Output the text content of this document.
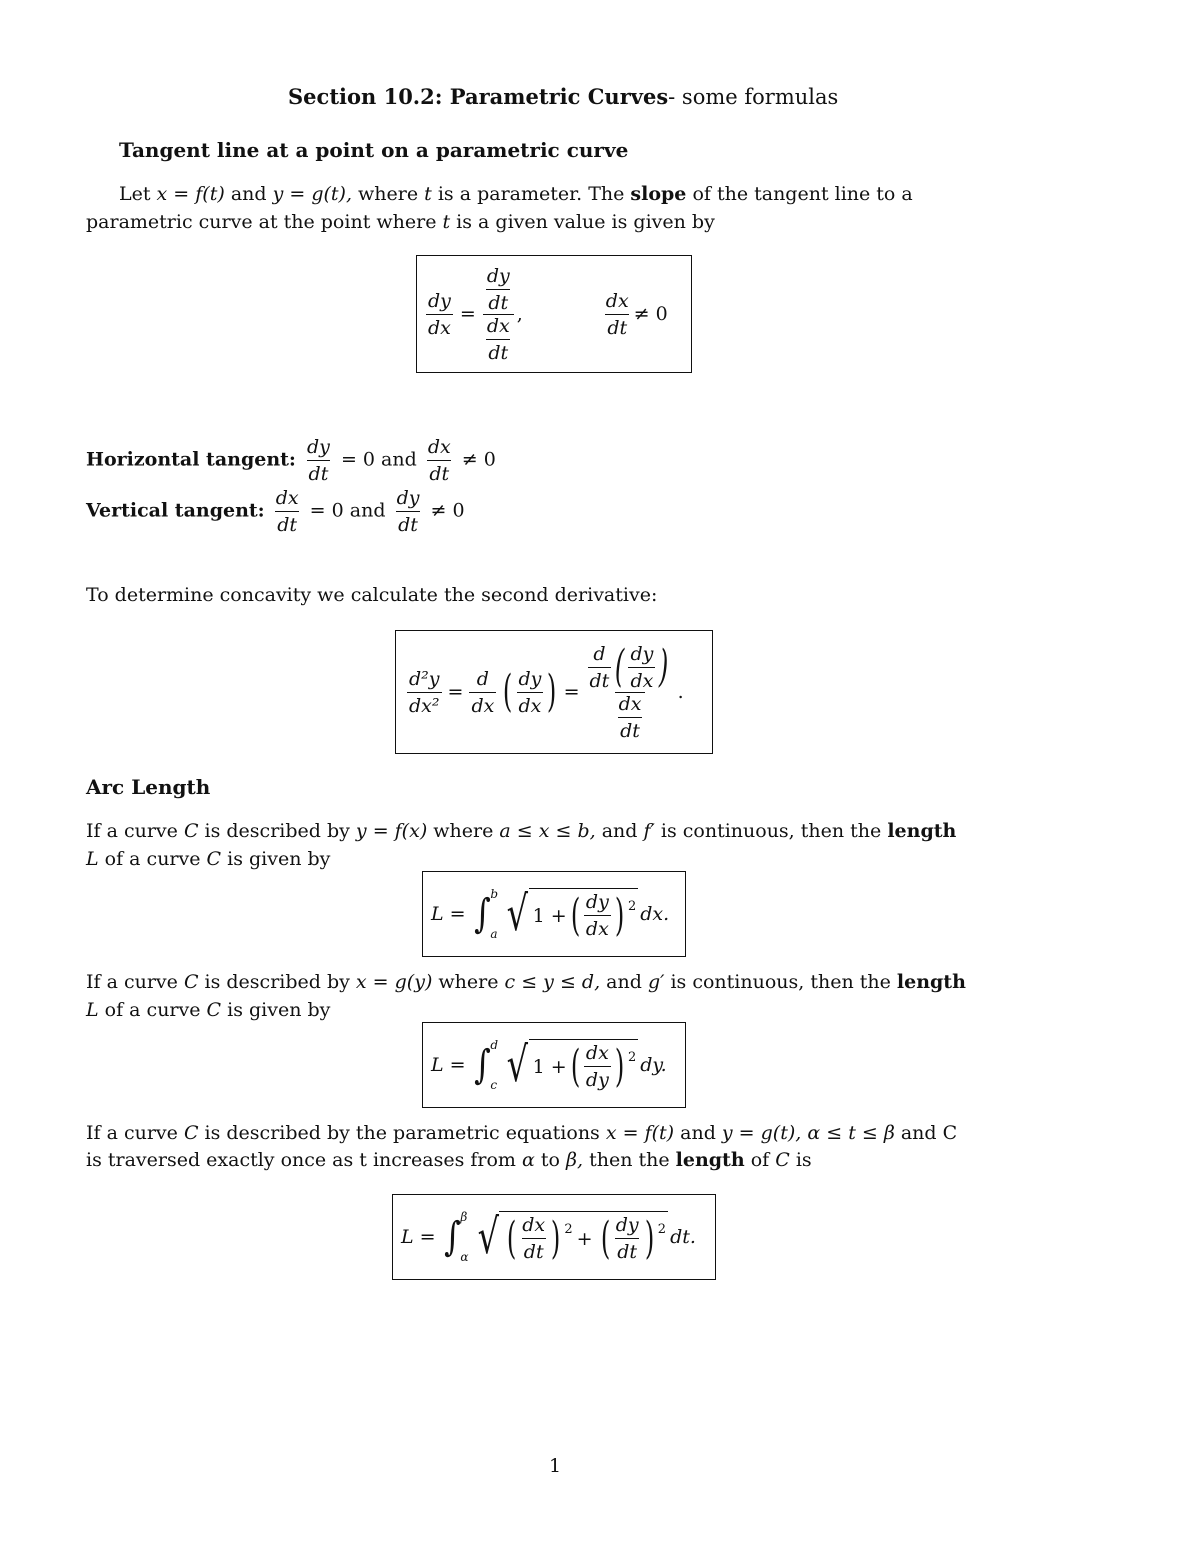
Section 10.2: Parametric Curves- some formulas
Tangent line at a point on a parametric curve
Let x = f(t) and y = g(t), where t is a parameter. The slope of the tangent line to a
parametric curve at the point where t is a given value is given by
$\frac{dy}{dx} = \frac{\frac{dy}{dt}}{\frac{dx}{dt}}$ ,	$\frac{dx}{dt} \ne 0$
Horizontal tangent: $\frac{dy}{dt} = 0$ and $\frac{dx}{dt} \ne 0$
Vertical tangent: $\frac{dx}{dt} = 0$ and $\frac{dy}{dt} \ne 0$
To determine concavity we calculate the second derivative:
$\frac{\text{d²y}}{\text{dx²}} = \frac{d}{dx}$ ( $\frac{dy}{dx}$ ) = $\frac{\frac{d}{dt} ( \frac{dy}{dx} )}{\frac{dx}{dt}}$ .
Arc Length
If a curve C is described by y = f(x) where a ≤ x ≤ b, and f′ is continuous, then the length
L of a curve C is given by
L = ∫ b
a √ 1 + ( $\frac{dy}{dx}$ ) 2 dx.
If a curve C is described by x = g(y) where c ≤ y ≤ d, and g′ is continuous, then the length
L of a curve C is given by
L = ∫ d
c √ 1 + ( $\frac{dx}{dy}$ ) 2 dy.
If a curve C is described by the parametric equations x = f(t) and y = g(t), α ≤ t ≤ β and C
is traversed exactly once as t increases from α to β, then the length of C is
L = ∫ β
α √ ( $\frac{dx}{dt}$ ) 2 + ( $\frac{dy}{dt}$ ) 2 dt.
1
